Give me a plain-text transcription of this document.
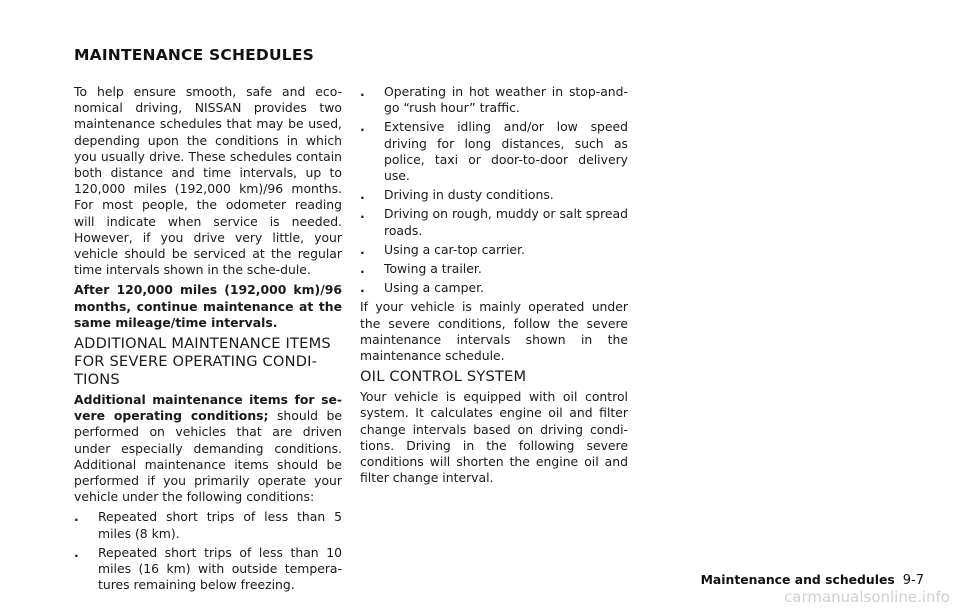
MAINTENANCE SCHEDULES

To help ensure smooth, safe and eco-nomical driving, NISSAN provides two maintenance schedules that may be used, depending upon the conditions in which you usually drive. These schedules contain both distance and time intervals, up to 120,000 miles (192,000 km)/96 months. For most people, the odometer reading will indicate when service is needed. However, if you drive very little, your vehicle should be serviced at the regular time intervals shown in the sche-dule.

After 120,000 miles (192,000 km)/96 months, continue maintenance at the same mileage/time intervals.

ADDITIONAL MAINTENANCE ITEMS FOR SEVERE OPERATING CONDI-TIONS

Additional maintenance items for se-vere operating conditions; should be performed on vehicles that are driven under especially demanding conditions. Additional maintenance items should be performed if you primarily operate your vehicle under the following conditions:

. Repeated short trips of less than 5 miles (8 km).
. Repeated short trips of less than 10 miles (16 km) with outside tempera-tures remaining below freezing.
. Operating in hot weather in stop-and-go “rush hour” traffic.
. Extensive idling and/or low speed driving for long distances, such as police, taxi or door-to-door delivery use.
. Driving in dusty conditions.
. Driving on rough, muddy or salt spread roads.
. Using a car-top carrier.
. Towing a trailer.
. Using a camper.

If your vehicle is mainly operated under the severe conditions, follow the severe maintenance intervals shown in the maintenance schedule.

OIL CONTROL SYSTEM

Your vehicle is equipped with oil control system. It calculates engine oil and filter change intervals based on driving condi-tions. Driving in the following severe conditions will shorten the engine oil and filter change interval.

Maintenance and schedules 9-7
carmanualsonline.info
